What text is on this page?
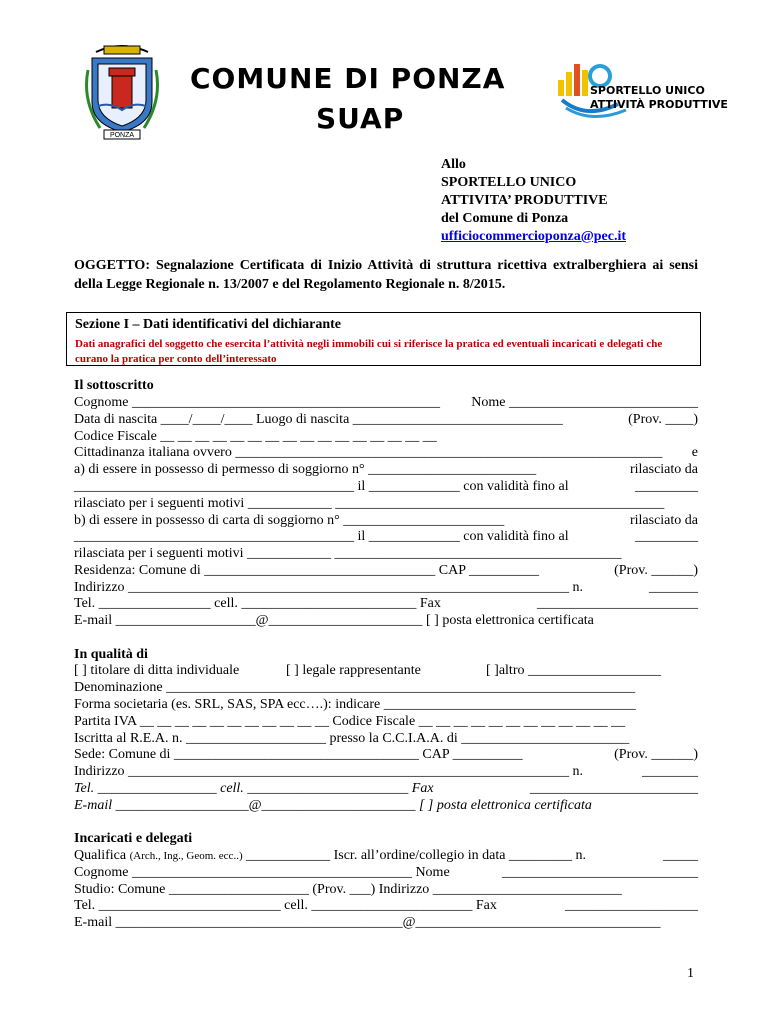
PONZA
COMUNE DI PONZA
SUAP
SPORTELLO UNICO
ATTIVITÀ PRODUTTIVE
Allo
SPORTELLO UNICO
ATTIVITA’ PRODUTTIVE
del Comune di Ponza
ufficiocommercioponza@pec.it
OGGETTO: Segnalazione Certificata di Inizio Attività di struttura ricettiva extralberghiera ai sensi della Legge Regionale n. 13/2007 e del Regolamento Regionale n. 8/2015.
Sezione I – Dati identificativi del dichiarante
Dati anagrafici del soggetto che esercita l’attività negli immobili cui si riferisce la pratica ed eventuali incaricati e delegati che curano la pratica per conto dell’interessato
Il sottoscritto
Cognome ____________________________________________ Nome ___________________________
Data di nascita ____/____/____ Luogo di nascita ______________________________	(Prov. ____)
Codice Fiscale __ __ __ __ __ __ __ __ __ __ __ __ __ __ __ __
Cittadinanza italiana ovvero _____________________________________________________________ e
a) di essere in possesso di permesso di soggiorno n° ________________________	rilasciato da
________________________________________ il _____________ con validità fino al	_________
rilasciato per i seguenti motivi ____________ _______________________________________________
b) di essere in possesso di carta di soggiorno n° _______________________	rilasciato da
________________________________________ il _____________ con validità fino al	_________
rilasciata per i seguenti motivi ____________ _________________________________________
Residenza: Comune di _________________________________ CAP __________	(Prov. ______)
Indirizzo _______________________________________________________________ n.	_______
Tel. ________________ cell. _________________________ Fax	_______________________
E-mail ____________________@______________________ [ ] posta elettronica certificata
In qualità di
[ ] titolare di ditta individuale	[ ] legale rappresentante	[ ]altro ___________________
Denominazione ___________________________________________________________________
Forma societaria (es. SRL, SAS, SPA ecc….): indicare ____________________________________
Partita IVA __ __ __ __ __ __ __ __ __ __ __ Codice Fiscale __ __ __ __ __ __ __ __ __ __ __ __
Iscritta al R.E.A. n. ____________________ presso la C.C.I.A.A. di ________________________
Sede: Comune di ___________________________________ CAP __________	(Prov. ______)
Indirizzo _______________________________________________________________ n.	________
Tel. _________________ cell. _______________________ Fax	________________________
E-mail ___________________@______________________ [ ] posta elettronica certificata
Incaricati e delegati
Qualifica (Arch., Ing., Geom. ecc..) ____________ Iscr. all’ordine/collegio in data _________ n.	_____
Cognome ________________________________________ Nome	____________________________
Studio: Comune ____________________ (Prov. ___) Indirizzo ___________________________
Tel. __________________________ cell. _______________________ Fax	___________________
E-mail _________________________________________@___________________________________
1
